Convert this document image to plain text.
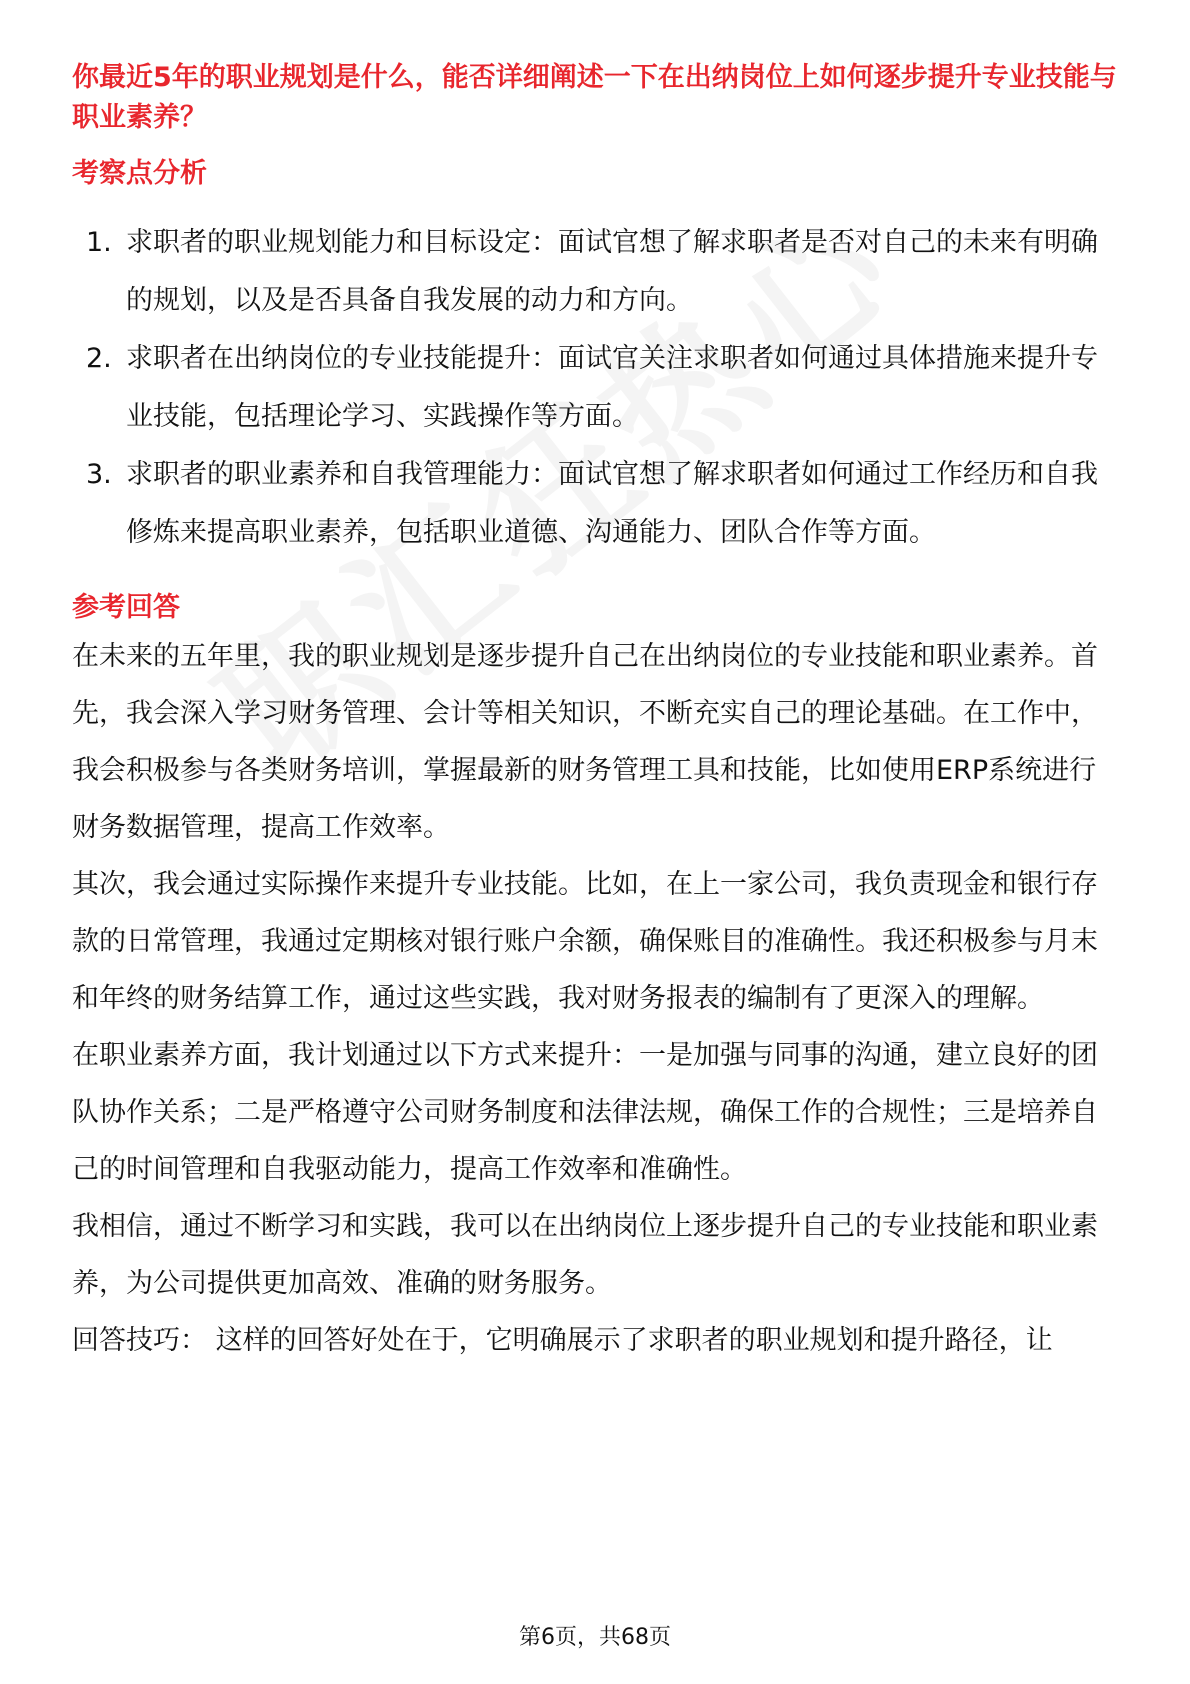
你最近5年的职业规划是什么，能否详细阐述一下在出纳岗位上如何逐步提升专业技能与职业素养？
考察点分析
1. 求职者的职业规划能力和目标设定：面试官想了解求职者是否对自己的未来有明确的规划，以及是否具备自我发展的动力和方向。
2. 求职者在出纳岗位的专业技能提升：面试官关注求职者如何通过具体措施来提升专业技能，包括理论学习、实践操作等方面。
3. 求职者的职业素养和自我管理能力：面试官想了解求职者如何通过工作经历和自我修炼来提高职业素养，包括职业道德、沟通能力、团队合作等方面。
参考回答

在未来的五年里，我的职业规划是逐步提升自己在出纳岗位的专业技能和职业素养。首先，我会深入学习财务管理、会计等相关知识，不断充实自己的理论基础。在工作中，我会积极参与各类财务培训，掌握最新的财务管理工具和技能，比如使用ERP系统进行财务数据管理，提高工作效率。

其次，我会通过实际操作来提升专业技能。比如，在上一家公司，我负责现金和银行存款的日常管理，我通过定期核对银行账户余额，确保账目的准确性。我还积极参与月末和年终的财务结算工作，通过这些实践，我对财务报表的编制有了更深入的理解。

在职业素养方面，我计划通过以下方式来提升：一是加强与同事的沟通，建立良好的团队协作关系；二是严格遵守公司财务制度和法律法规，确保工作的合规性；三是培养自己的时间管理和自我驱动能力，提高工作效率和准确性。

我相信，通过不断学习和实践，我可以在出纳岗位上逐步提升自己的专业技能和职业素养，为公司提供更加高效、准确的财务服务。

回答技巧： 这样的回答好处在于，它明确展示了求职者的职业规划和提升路径，让

第6页，共68页
